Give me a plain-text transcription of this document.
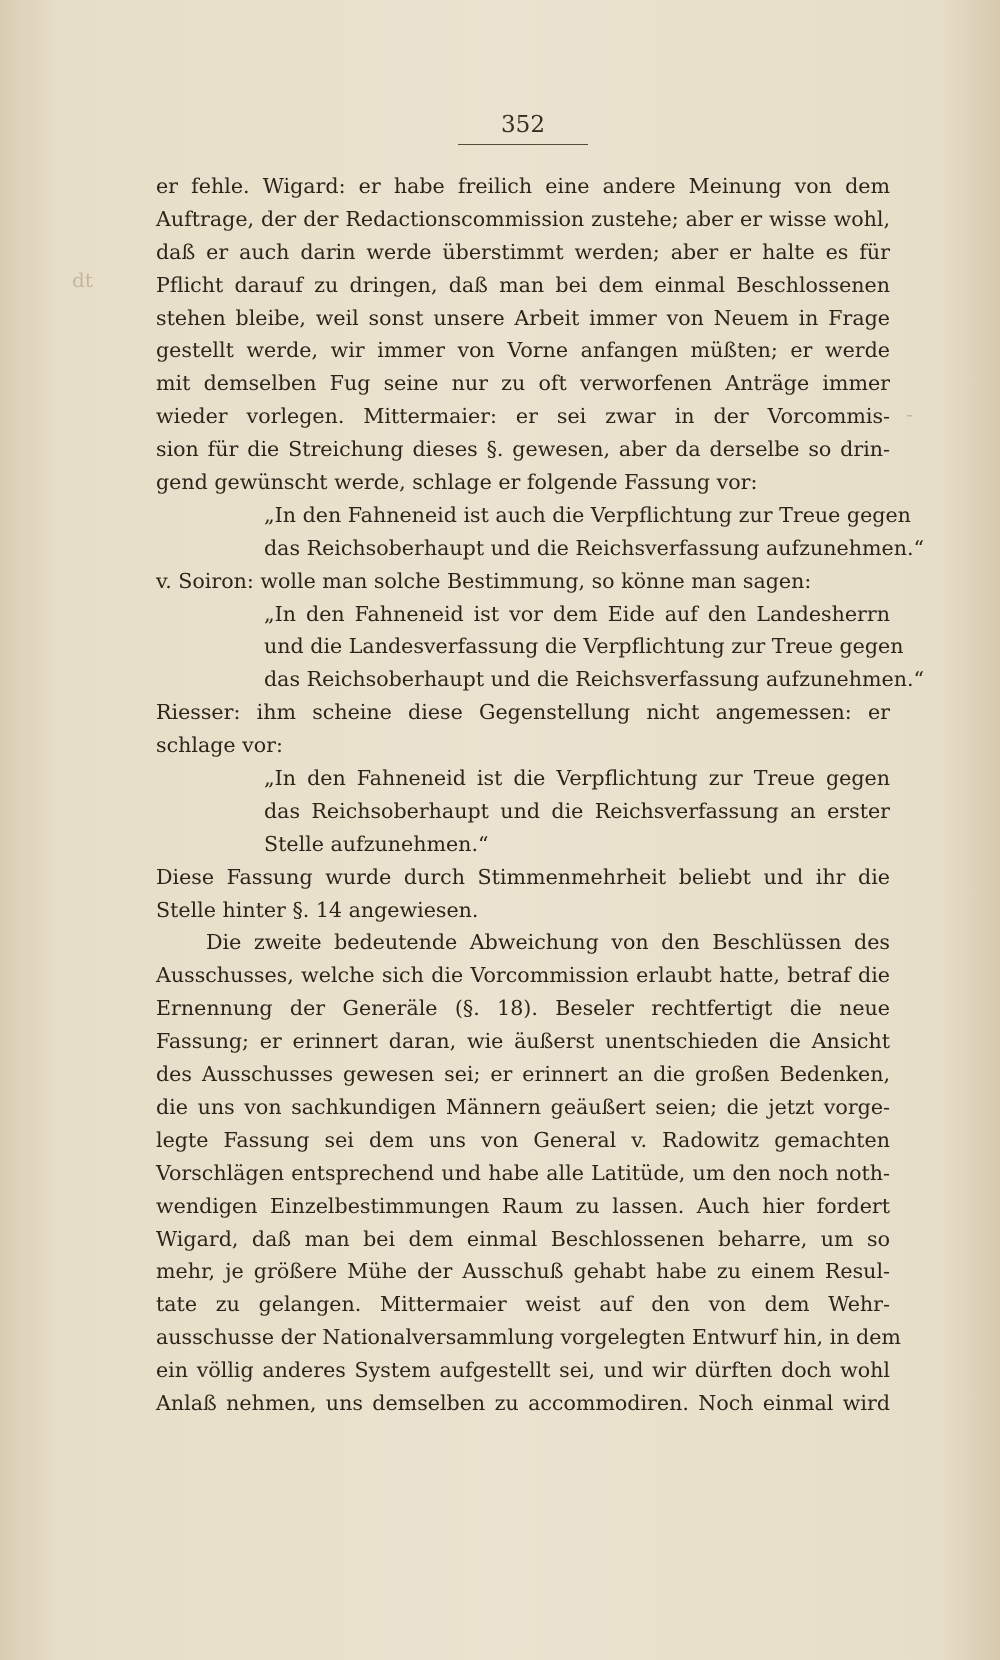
352
dt
-
er fehle. Wigard: er habe freilich eine andere Meinung von dem
Auftrage, der der Redactionscommission zustehe; aber er wisse wohl,
daß er auch darin werde überstimmt werden; aber er halte es für
Pflicht darauf zu dringen, daß man bei dem einmal Beschlossenen
stehen bleibe, weil sonst unsere Arbeit immer von Neuem in Frage
gestellt werde, wir immer von Vorne anfangen müßten; er werde
mit demselben Fug seine nur zu oft verworfenen Anträge immer
wieder vorlegen. Mittermaier: er sei zwar in der Vorcommis-
sion für die Streichung dieses §. gewesen, aber da derselbe so drin-
gend gewünscht werde, schlage er folgende Fassung vor:
„In den Fahneneid ist auch die Verpflichtung zur Treue gegen
das Reichsoberhaupt und die Reichsverfassung aufzunehmen.“
v. Soiron: wolle man solche Bestimmung, so könne man sagen:
„In den Fahneneid ist vor dem Eide auf den Landesherrn
und die Landesverfassung die Verpflichtung zur Treue gegen
das Reichsoberhaupt und die Reichsverfassung aufzunehmen.“
Riesser: ihm scheine diese Gegenstellung nicht angemessen: er
schlage vor:
„In den Fahneneid ist die Verpflichtung zur Treue gegen
das Reichsoberhaupt und die Reichsverfassung an erster
Stelle aufzunehmen.“
Diese Fassung wurde durch Stimmenmehrheit beliebt und ihr die
Stelle hinter §. 14 angewiesen.
Die zweite bedeutende Abweichung von den Beschlüssen des
Ausschusses, welche sich die Vorcommission erlaubt hatte, betraf die
Ernennung der Generäle (§. 18). Beseler rechtfertigt die neue
Fassung; er erinnert daran, wie äußerst unentschieden die Ansicht
des Ausschusses gewesen sei; er erinnert an die großen Bedenken,
die uns von sachkundigen Männern geäußert seien; die jetzt vorge-
legte Fassung sei dem uns von General v. Radowitz gemachten
Vorschlägen entsprechend und habe alle Latitüde, um den noch noth-
wendigen Einzelbestimmungen Raum zu lassen. Auch hier fordert
Wigard, daß man bei dem einmal Beschlossenen beharre, um so
mehr, je größere Mühe der Ausschuß gehabt habe zu einem Resul-
tate zu gelangen. Mittermaier weist auf den von dem Wehr-
ausschusse der Nationalversammlung vorgelegten Entwurf hin, in dem
ein völlig anderes System aufgestellt sei, und wir dürften doch wohl
Anlaß nehmen, uns demselben zu accommodiren. Noch einmal wird
